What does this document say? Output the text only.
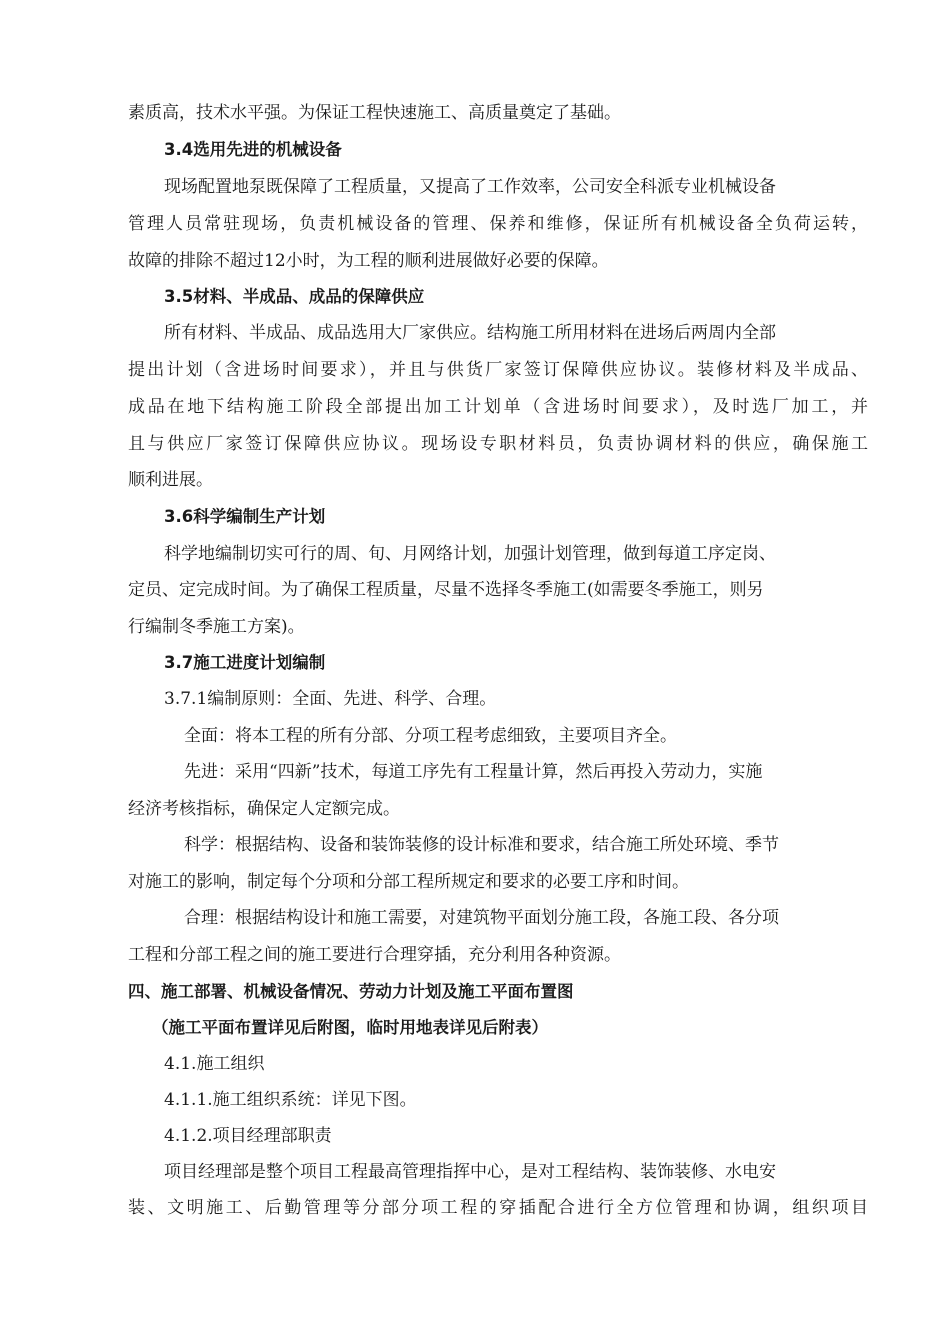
素质高，技术水平强。为保证工程快速施工、高质量奠定了基础。
3.4选用先进的机械设备
现场配置地泵既保障了工程质量，又提高了工作效率，公司安全科派专业机械设备
管理人员常驻现场，负责机械设备的管理、保养和维修，保证所有机械设备全负荷运转，
故障的排除不超过12小时，为工程的顺利进展做好必要的保障。
3.5材料、半成品、成品的保障供应
所有材料、半成品、成品选用大厂家供应。结构施工所用材料在进场后两周内全部
提出计划（含进场时间要求），并且与供货厂家签订保障供应协议。装修材料及半成品、
成品在地下结构施工阶段全部提出加工计划单（含进场时间要求），及时选厂加工，并
且与供应厂家签订保障供应协议。现场设专职材料员，负责协调材料的供应，确保施工
顺利进展。
3.6科学编制生产计划
科学地编制切实可行的周、旬、月网络计划，加强计划管理，做到每道工序定岗、
定员、定完成时间。为了确保工程质量，尽量不选择冬季施工(如需要冬季施工，则另
行编制冬季施工方案)。
3.7施工进度计划编制
3.7.1编制原则：全面、先进、科学、合理。
全面：将本工程的所有分部、分项工程考虑细致，主要项目齐全。
先进：采用“四新”技术，每道工序先有工程量计算，然后再投入劳动力，实施
经济考核指标，确保定人定额完成。
科学：根据结构、设备和装饰装修的设计标准和要求，结合施工所处环境、季节
对施工的影响，制定每个分项和分部工程所规定和要求的必要工序和时间。
合理：根据结构设计和施工需要，对建筑物平面划分施工段，各施工段、各分项
工程和分部工程之间的施工要进行合理穿插，充分利用各种资源。
四、施工部署、机械设备情况、劳动力计划及施工平面布置图
（施工平面布置详见后附图，临时用地表详见后附表）
4.1.施工组织
4.1.1.施工组织系统：详见下图。
4.1.2.项目经理部职责
项目经理部是整个项目工程最高管理指挥中心，是对工程结构、装饰装修、水电安
装、文明施工、后勤管理等分部分项工程的穿插配合进行全方位管理和协调，组织项目
